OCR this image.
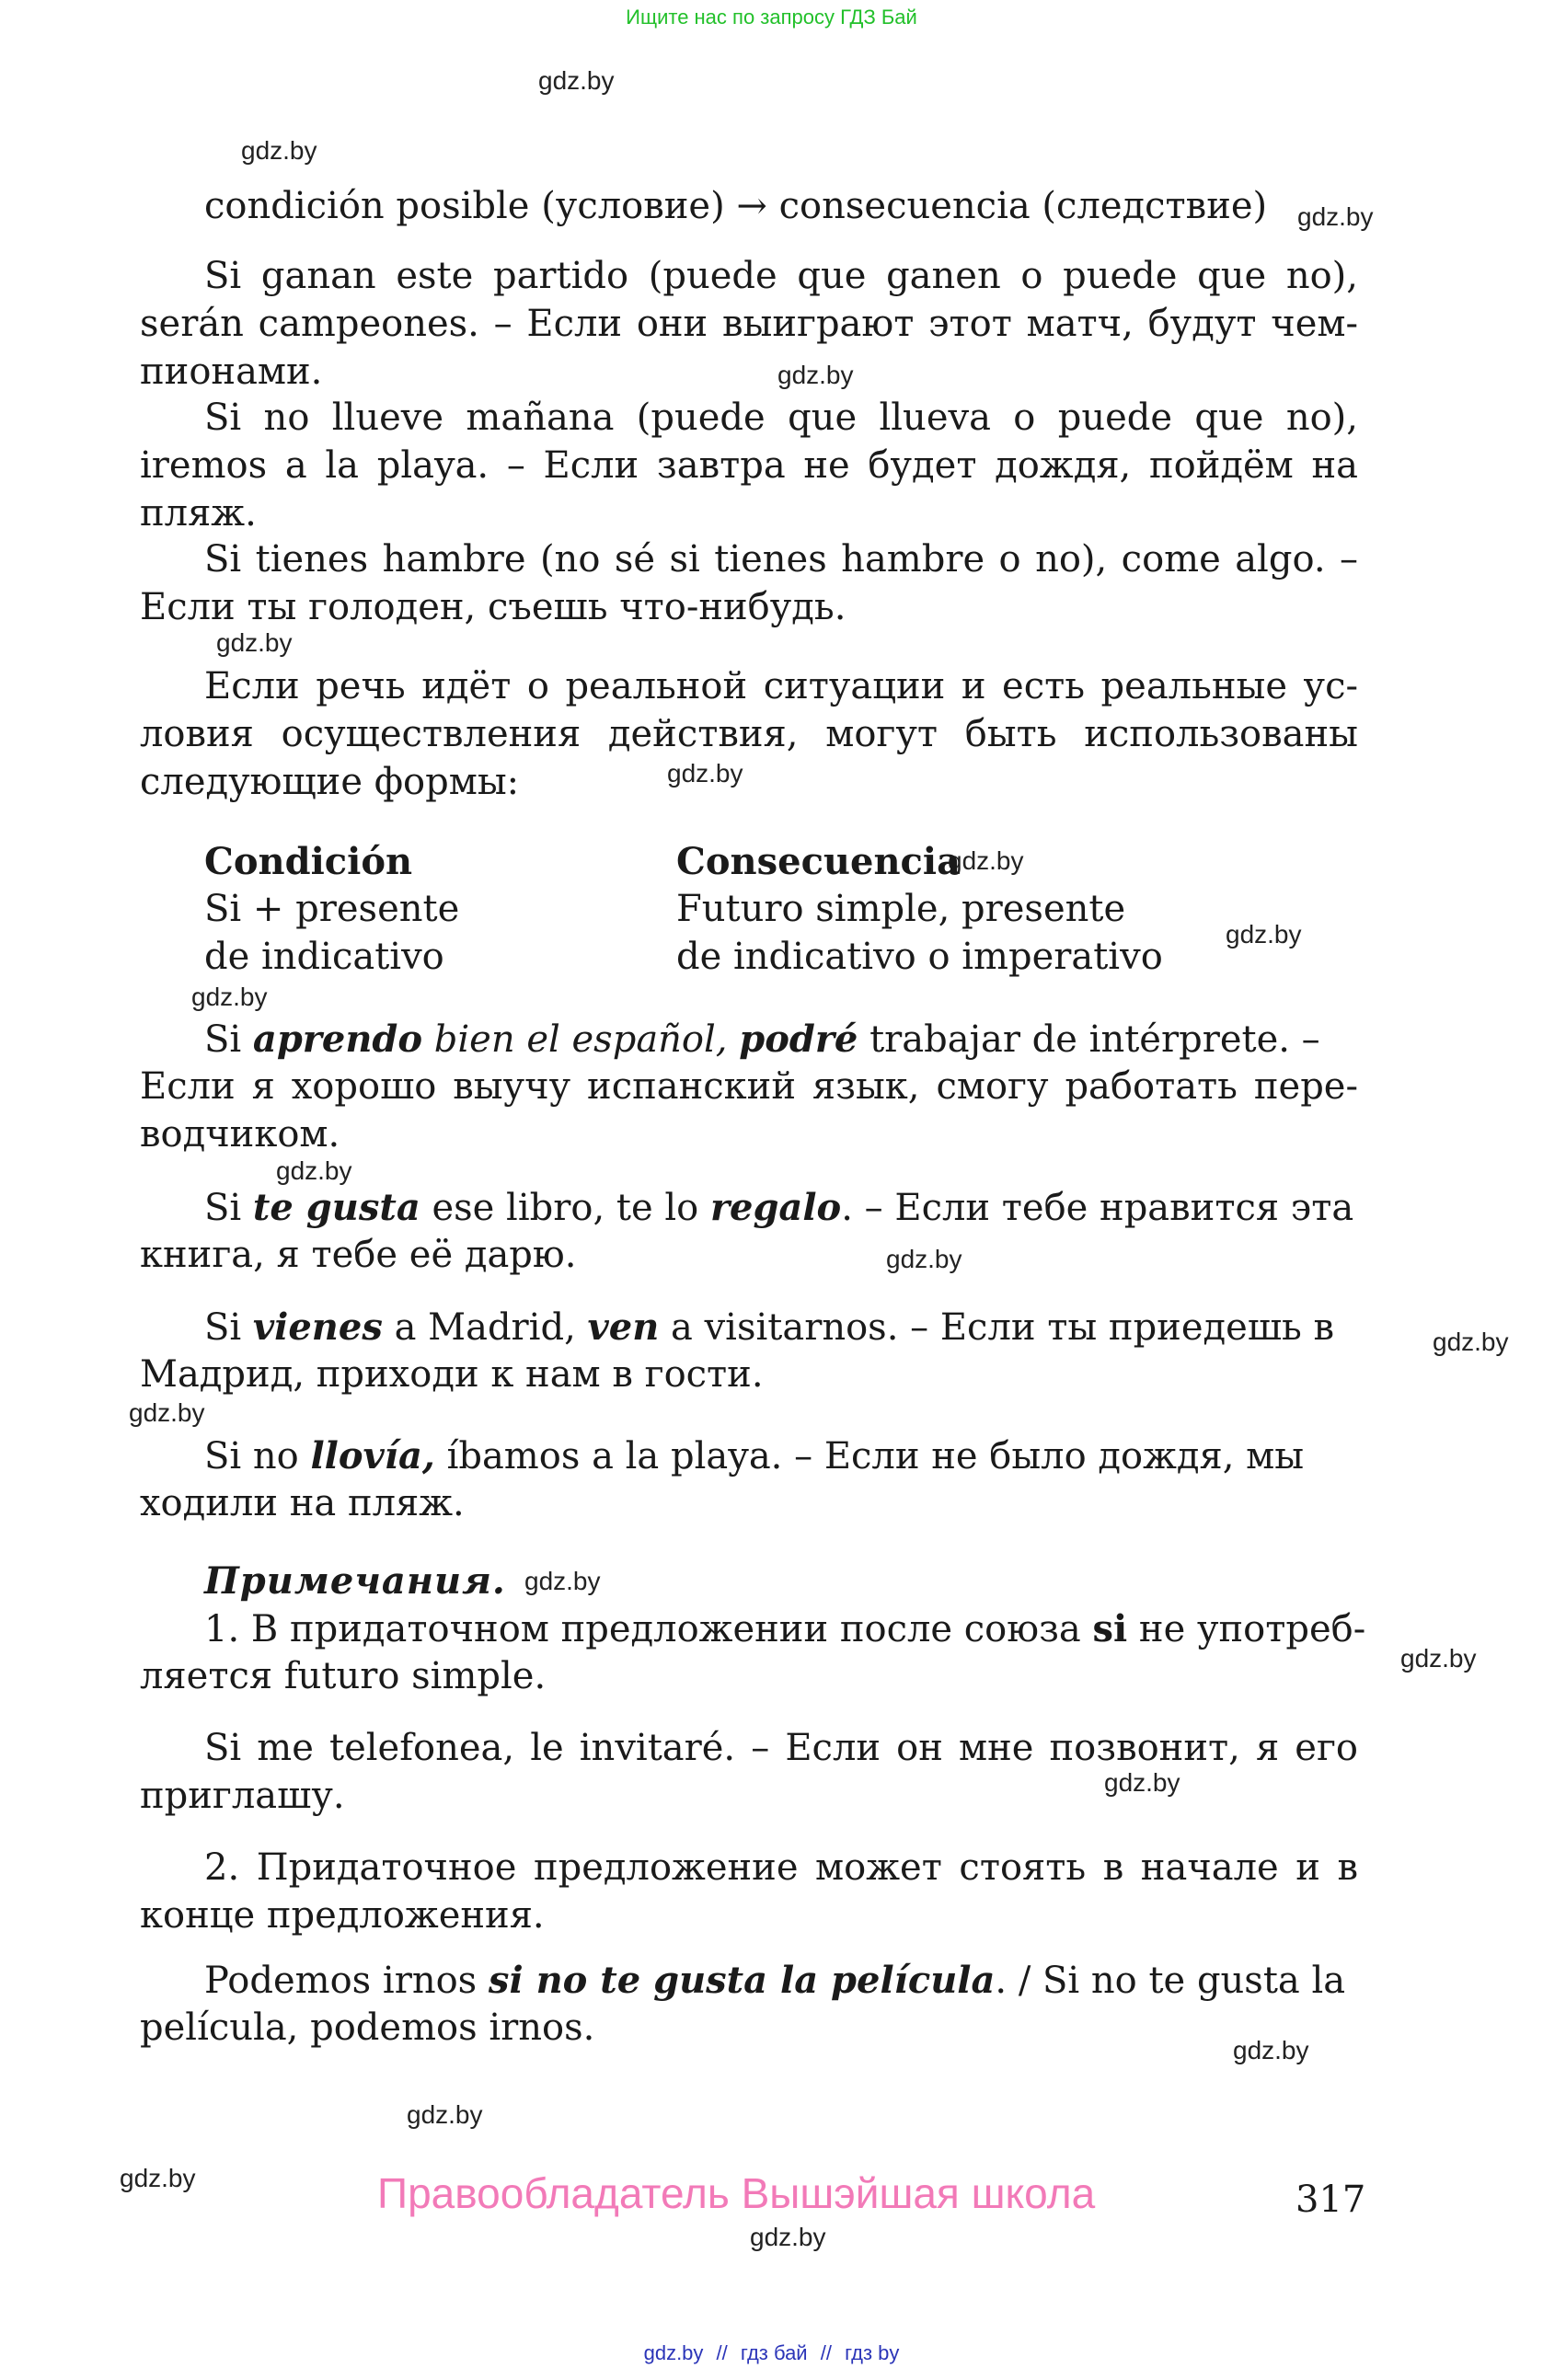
Ищите нас по запросу ГДЗ Бай
gdz.by
gdz.by
gdz.by
gdz.by
gdz.by
gdz.by
gdz.by
gdz.by
gdz.by
gdz.by
gdz.by
gdz.by
gdz.by
gdz.by
gdz.by
gdz.by
gdz.by
gdz.by
gdz.by
gdz.by
condición posible (условие) → consecuencia (следствие)
Si ganan este partido (puede que ganen o puede que no),
serán campeones. – Если они выиграют этот матч, будут чем-
пионами.
Si no llueve mañana (puede que llueva o puede que no),
iremos a la playa. – Если завтра не будет дождя, пойдём на
пляж.
Si tienes hambre (no sé si tienes hambre o no), come algo. –
Если ты голоден, съешь что-нибудь.
Если речь идёт о реальной ситуации и есть реальные ус-
ловия осуществления действия, могут быть использованы
следующие формы:
Condición	Consecuencia
Si + presente	Futuro simple, presente
de indicativo	de indicativo o imperativo
Si aprendo bien el español, podré trabajar de intérprete. –
Если я хорошо выучу испанский язык, смогу работать пере-
водчиком.
Si te gusta ese libro, te lo regalo. – Если тебе нравится эта
книга, я тебе её дарю.
Si vienes a Madrid, ven a visitarnos. – Если ты приедешь в
Мадрид, приходи к нам в гости.
Si no llovía, íbamos a la playa. – Если не было дождя, мы
ходили на пляж.
Примечания.
1. В придаточном предложении после союза si не употреб-
ляется futuro simple.
Si me telefonea, le invitaré. – Если он мне позвонит, я его
приглашу.
2. Придаточное предложение может стоять в начале и в
конце предложения.
Podemos irnos si no te gusta la película. / Si no te gusta la
película, podemos irnos.
Правообладатель Вышэйшая школа	317
gdz.by // гдз бай // гдз by
